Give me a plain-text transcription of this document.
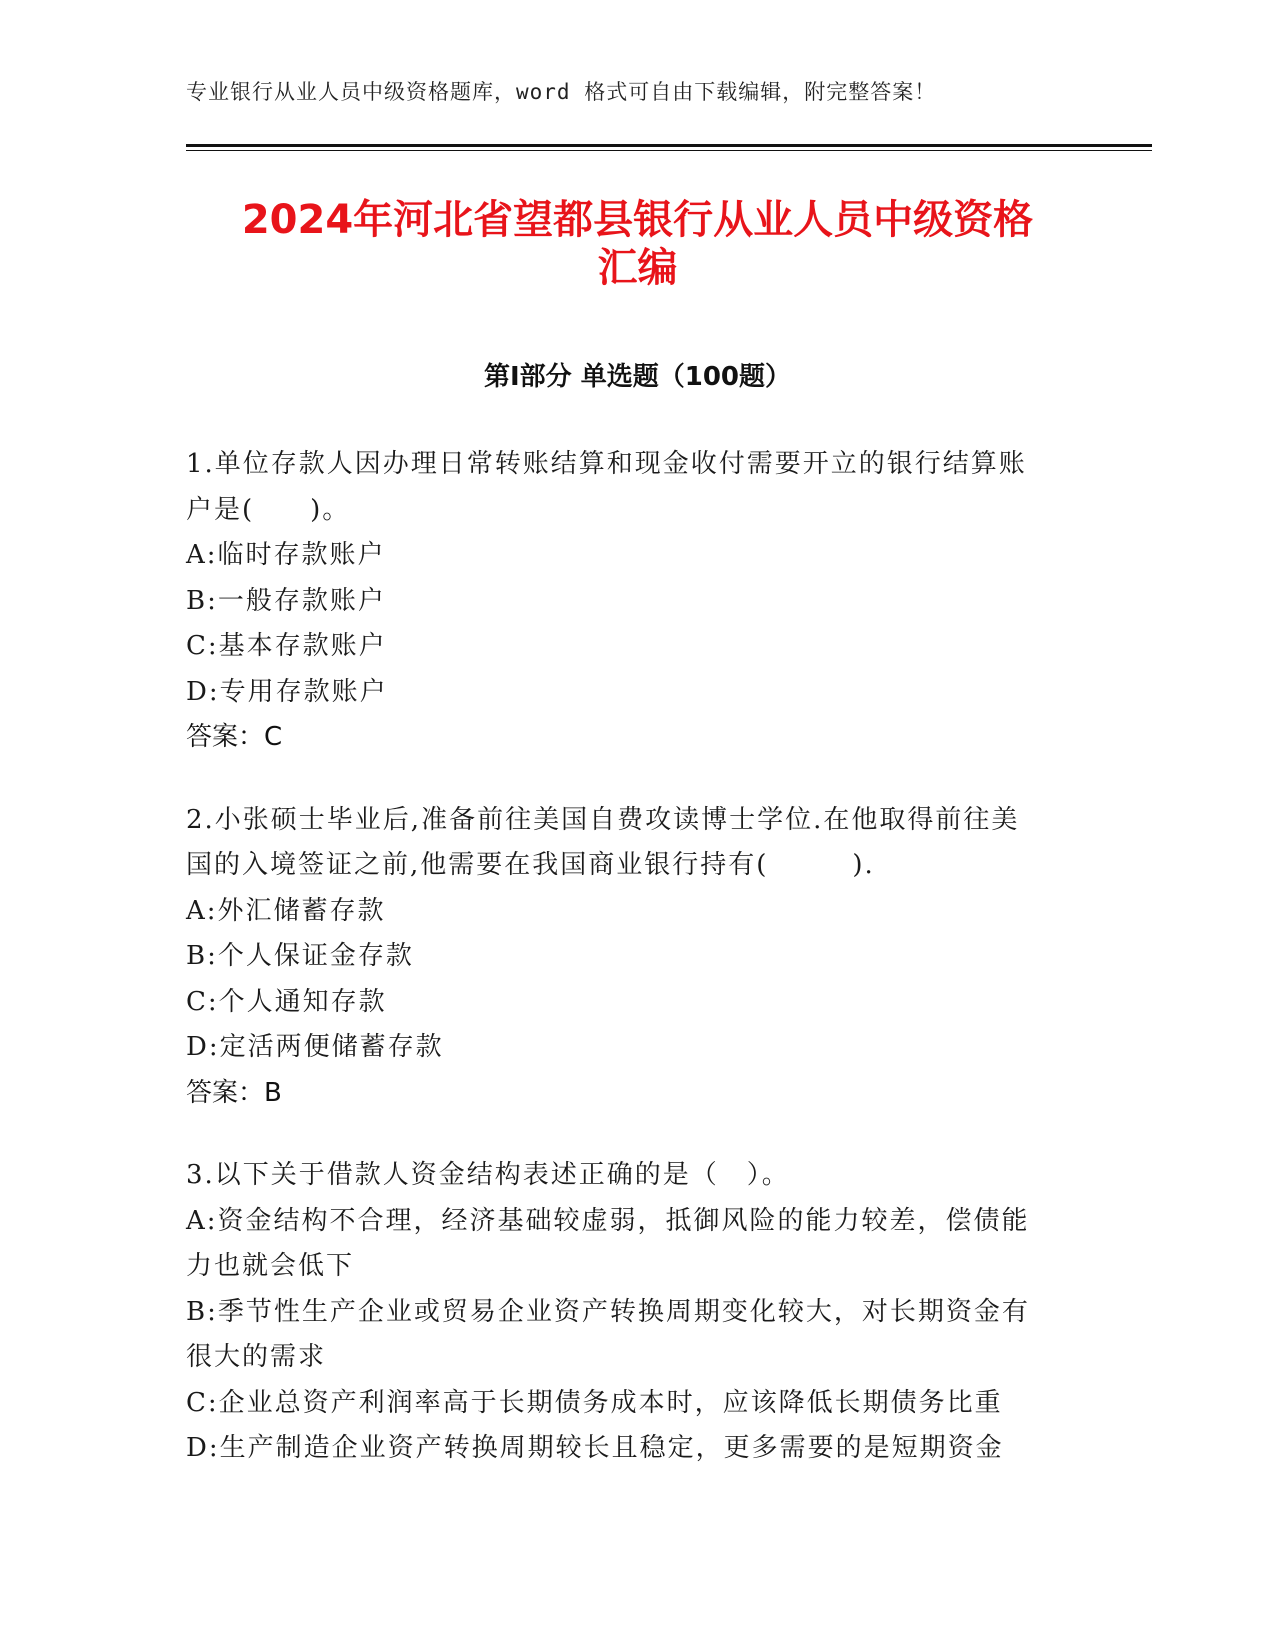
专业银行从业人员中级资格题库，word 格式可自由下载编辑，附完整答案！
2024年河北省望都县银行从业人员中级资格
汇编
第Ⅰ部分 单选题（100题）
1.单位存款人因办理日常转账结算和现金收付需要开立的银行结算账
户是(　　)。
A:临时存款账户
B:一般存款账户
C:基本存款账户
D:专用存款账户
答案：C
2.小张硕士毕业后,准备前往美国自费攻读博士学位.在他取得前往美
国的入境签证之前,他需要在我国商业银行持有(　　　).
A:外汇储蓄存款
B:个人保证金存款
C:个人通知存款
D:定活两便储蓄存款
答案：B
3.以下关于借款人资金结构表述正确的是（　）。
A:资金结构不合理，经济基础较虚弱，抵御风险的能力较差，偿债能
力也就会低下
B:季节性生产企业或贸易企业资产转换周期变化较大，对长期资金有
很大的需求
C:企业总资产利润率高于长期债务成本时，应该降低长期债务比重
D:生产制造企业资产转换周期较长且稳定，更多需要的是短期资金
